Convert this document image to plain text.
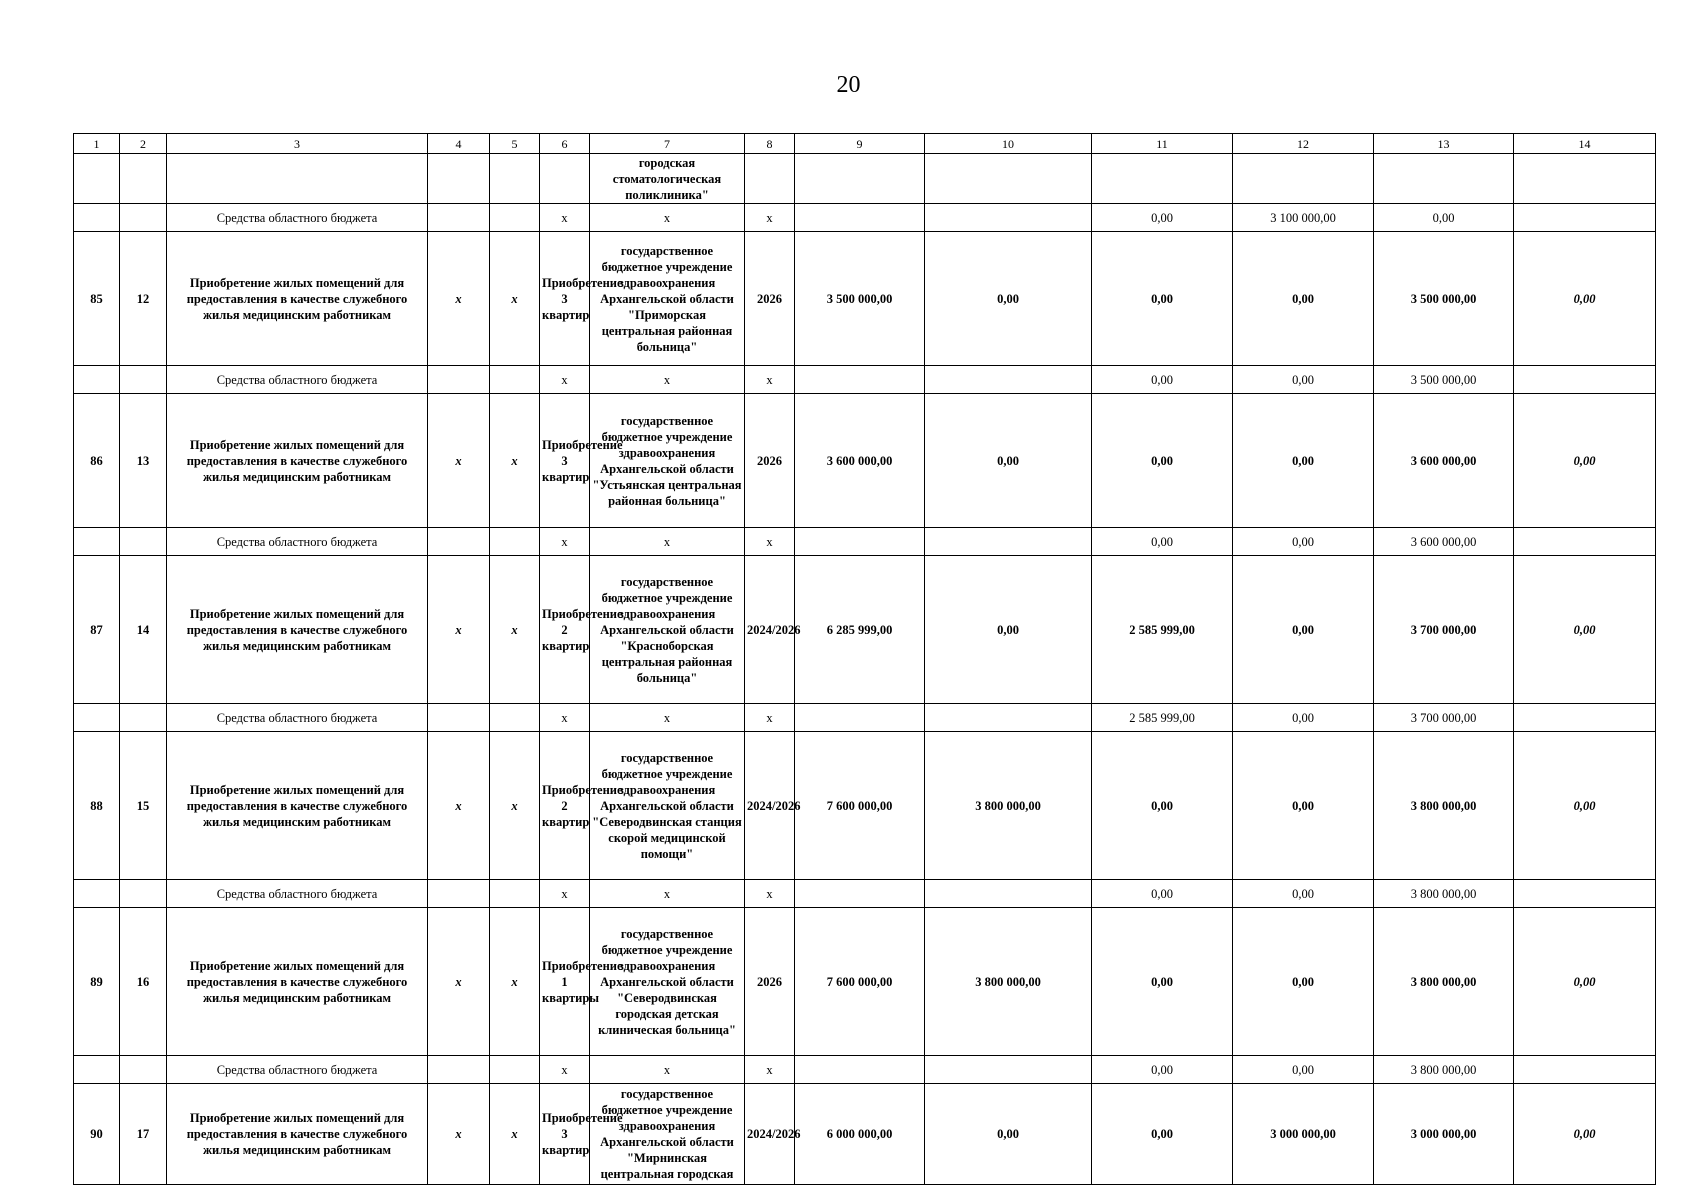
20
1	2	3	4	5	6	7	8	9	10	11	12	13	14
						городская стоматологическая поликлиника"							
		Средства областного бюджета			х	х	х			0,00	3 100 000,00	0,00	
85	12	Приобретение жилых помещений для предоставления в качестве служебного жилья медицинским работникам	х	х	Приобретение 3 квартир	государственное бюджетное учреждение здравоохранения Архангельской области "Приморская центральная районная больница"	2026	3 500 000,00	0,00	0,00	0,00	3 500 000,00	0,00
		Средства областного бюджета			х	х	х			0,00	0,00	3 500 000,00	
86	13	Приобретение жилых помещений для предоставления в качестве служебного жилья медицинским работникам	х	х	Приобретение 3 квартир	государственное бюджетное учреждение здравоохранения Архангельской области "Устьянская центральная районная больница"	2026	3 600 000,00	0,00	0,00	0,00	3 600 000,00	0,00
		Средства областного бюджета			х	х	х			0,00	0,00	3 600 000,00	
87	14	Приобретение жилых помещений для предоставления в качестве служебного жилья медицинским работникам	х	х	Приобретение 2 квартир	государственное бюджетное учреждение здравоохранения Архангельской области "Красноборская центральная районная больница"	2024/2026	6 285 999,00	0,00	2 585 999,00	0,00	3 700 000,00	0,00
		Средства областного бюджета			х	х	х			2 585 999,00	0,00	3 700 000,00	
88	15	Приобретение жилых помещений для предоставления в качестве служебного жилья медицинским работникам	х	х	Приобретение 2 квартир	государственное бюджетное учреждение здравоохранения Архангельской области "Северодвинская станция скорой медицинской помощи"	2024/2026	7 600 000,00	3 800 000,00	0,00	0,00	3 800 000,00	0,00
		Средства областного бюджета			х	х	х			0,00	0,00	3 800 000,00	
89	16	Приобретение жилых помещений для предоставления в качестве служебного жилья медицинским работникам	х	х	Приобретение 1 квартиры	государственное бюджетное учреждение здравоохранения Архангельской области "Северодвинская городская детская клиническая больница"	2026	7 600 000,00	3 800 000,00	0,00	0,00	3 800 000,00	0,00
		Средства областного бюджета			х	х	х			0,00	0,00	3 800 000,00	
90	17	Приобретение жилых помещений для предоставления в качестве служебного жилья медицинским работникам	х	х	Приобретение 3 квартир	государственное бюджетное учреждение здравоохранения Архангельской области "Мирнинская центральная городская	2024/2026	6 000 000,00	0,00	0,00	3 000 000,00	3 000 000,00	0,00
